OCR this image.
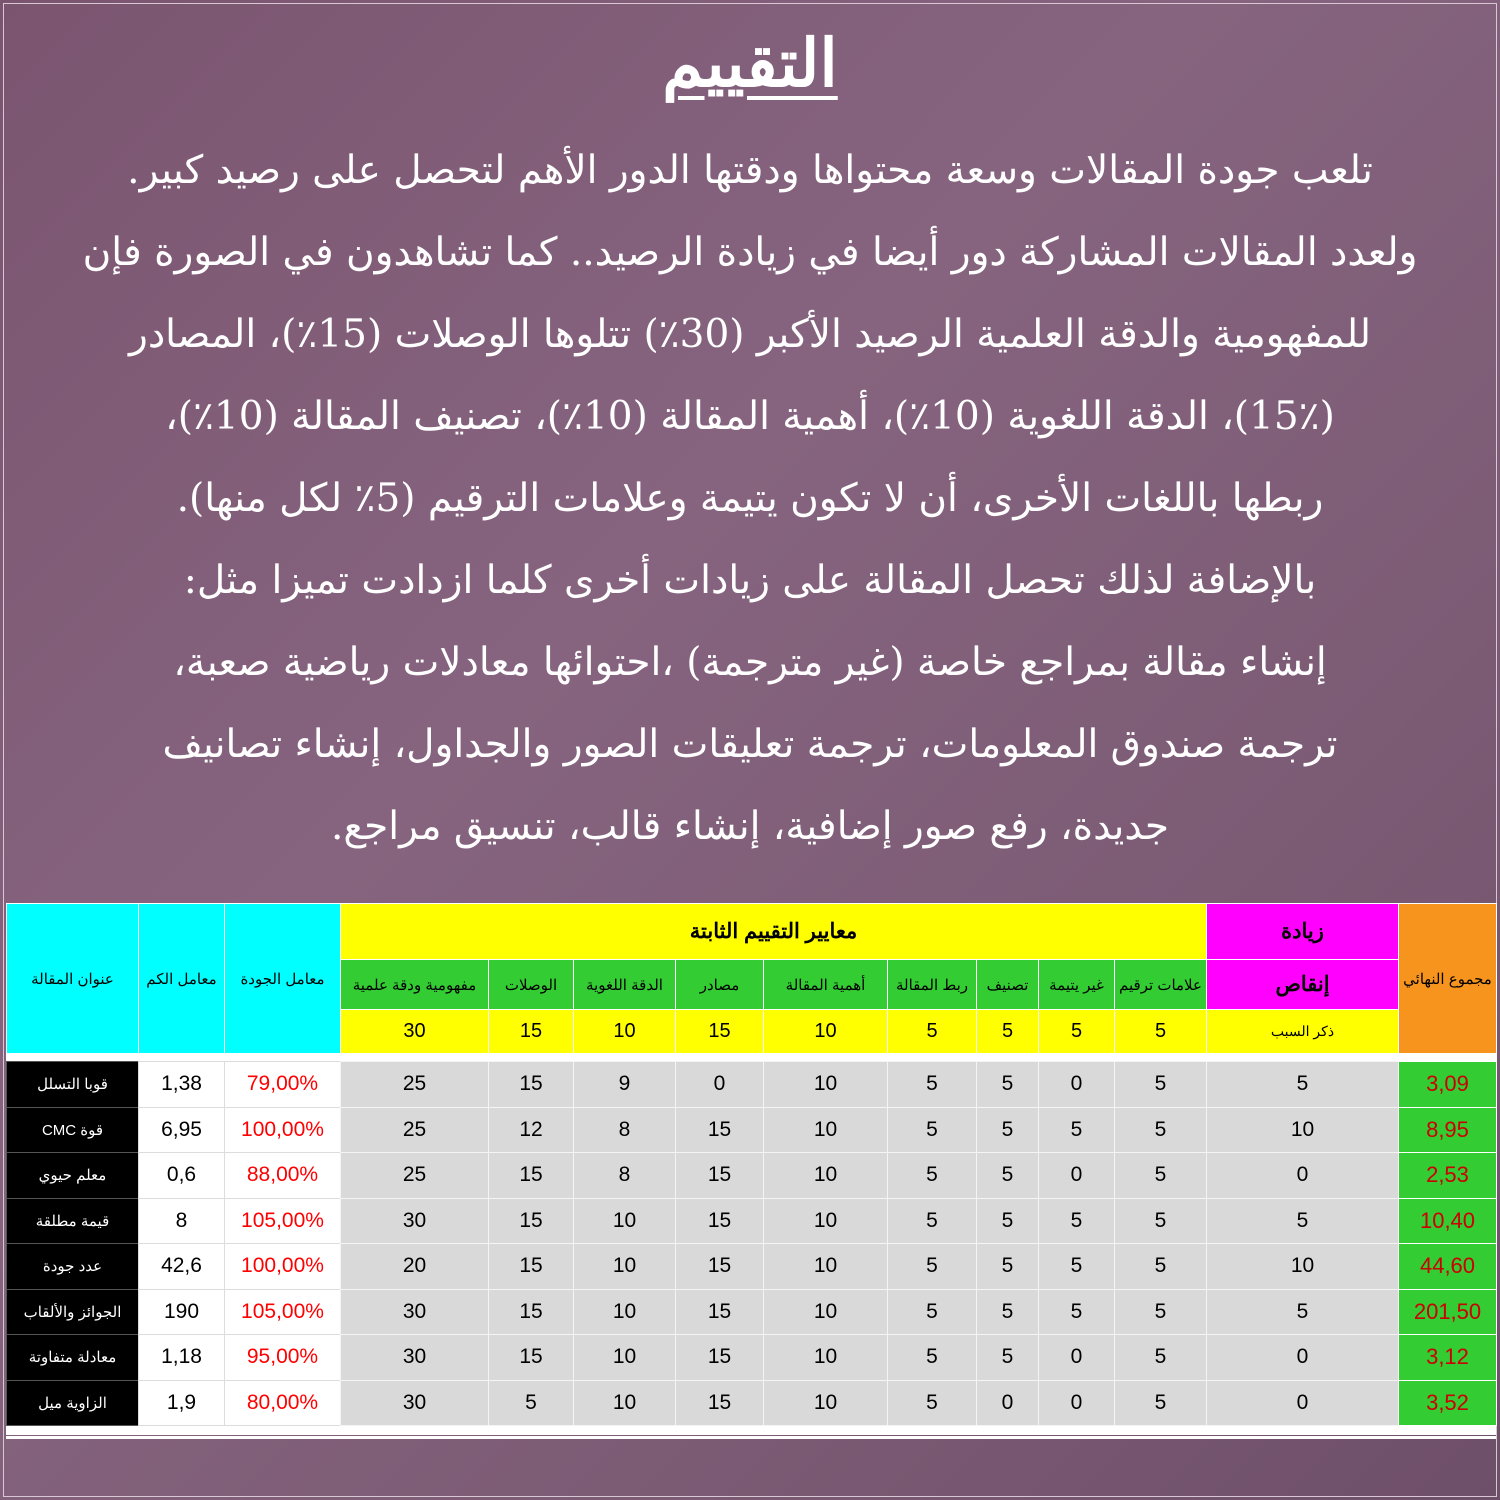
التقييم
تلعب جودة المقالات وسعة محتواها ودقتها الدور الأهم لتحصل على رصيد كبير.
ولعدد المقالات المشاركة دور أيضا في زيادة الرصيد.. كما تشاهدون في الصورة فإن
للمفهومية والدقة العلمية الرصيد الأكبر (30٪) تتلوها الوصلات (15٪)، المصادر
(15٪)، الدقة اللغوية (10٪)، أهمية المقالة (10٪)، تصنيف المقالة (10٪)،
ربطها باللغات الأخرى، أن لا تكون يتيمة وعلامات الترقيم (5٪ لكل منها).
بالإضافة لذلك تحصل المقالة على زيادات أخرى كلما ازدادت تميزا مثل:
إنشاء مقالة بمراجع خاصة (غير مترجمة) ،احتوائها معادلات رياضية صعبة،
ترجمة صندوق المعلومات، ترجمة تعليقات الصور والجداول، إنشاء تصانيف
جديدة، رفع صور إضافية، إنشاء قالب، تنسيق مراجع.
مجموع النهائي	زيادة	معايير التقييم الثابتة									معامل الجودة	معامل الكم	عنوان المقالة
	إنقاص	علامات ترقيم	غير يتيمة	تصنيف	ربط المقالة	أهمية المقالة	مصادر	الدقة اللغوية	الوصلات	مفهومية ودقة علمية			
	ذكر السبب	5	5	5	5	10	15	10	15	30			

3,09	5	5	0	5	5	10	0	9	15	25	79,00%	1,38	قوبا التسلل
8,95	10	5	5	5	5	10	15	8	12	25	100,00%	6,95	قوة CMC
2,53	0	5	0	5	5	10	15	8	15	25	88,00%	0,6	معلم حيوي
10,40	5	5	5	5	5	10	15	10	15	30	105,00%	8	قيمة مطلقة
44,60	10	5	5	5	5	10	15	10	15	20	100,00%	42,6	عدد جودة
201,50	5	5	5	5	5	10	15	10	15	30	105,00%	190	الجوائز والألقاب
3,12	0	5	0	5	5	10	15	10	15	30	95,00%	1,18	معادلة متفاوتة
3,52	0	5	0	0	5	10	15	10	5	30	80,00%	1,9	الزاوية ميل
